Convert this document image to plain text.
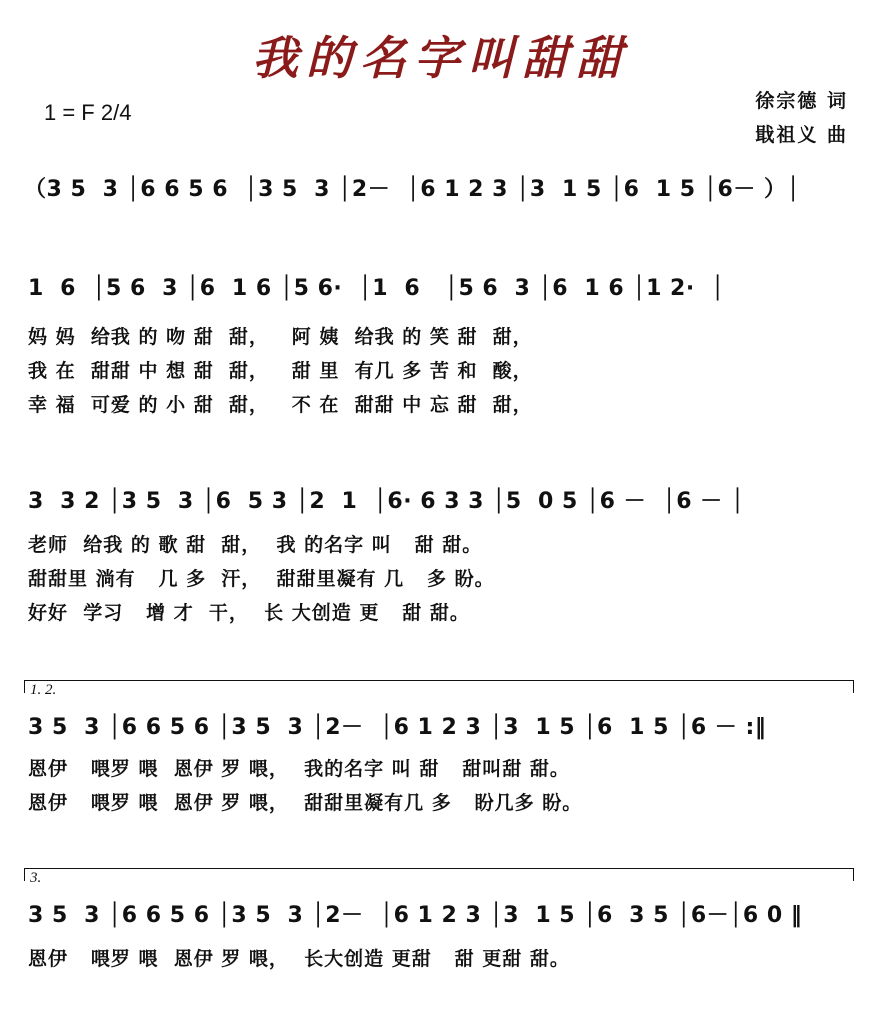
我的名字叫甜甜
1 = F 2/4	徐宗德 词
戢祖义 曲
（3 5  3 │6 6 5 6  │3 5  3 │2－  │6 1 2 3 │3  1 5 │6  1 5 │6－ ）│
1  6  │5 6  3 │6  1 6 │5 6·  │1  6   │5 6  3 │6  1 6 │1 2·  │
妈 妈  给我 的 吻 甜  甜，   阿 姨  给我 的 笑 甜  甜，
我 在  甜甜 中 想 甜  甜，   甜 里  有几 多 苦 和  酸，
幸 福  可爱 的 小 甜  甜，   不 在  甜甜 中 忘 甜  甜，
3  3 2 │3 5  3 │6  5 3 │2  1  │6· 6 3 3 │5  0 5 │6 －  │6 － │
老师  给我 的 歌 甜  甜，  我 的名字 叫   甜 甜。
甜甜里 淌有   几 多  汗，  甜甜里凝有 几   多 盼。
好好  学习   增 才  干，  长 大创造 更   甜 甜。
1. 2.
3 5  3 │6 6 5 6 │3 5  3 │2－  │6 1 2 3 │3  1 5 │6  1 5 │6 － :‖
恩伊   喂罗 喂  恩伊 罗 喂，  我的名字 叫 甜   甜叫甜 甜。
恩伊   喂罗 喂  恩伊 罗 喂，  甜甜里凝有几 多   盼几多 盼。
3.
3 5  3 │6 6 5 6 │3 5  3 │2－  │6 1 2 3 │3  1 5 │6  3 5 │6－│6 0 ‖
恩伊   喂罗 喂  恩伊 罗 喂，  长大创造 更甜   甜 更甜 甜。
